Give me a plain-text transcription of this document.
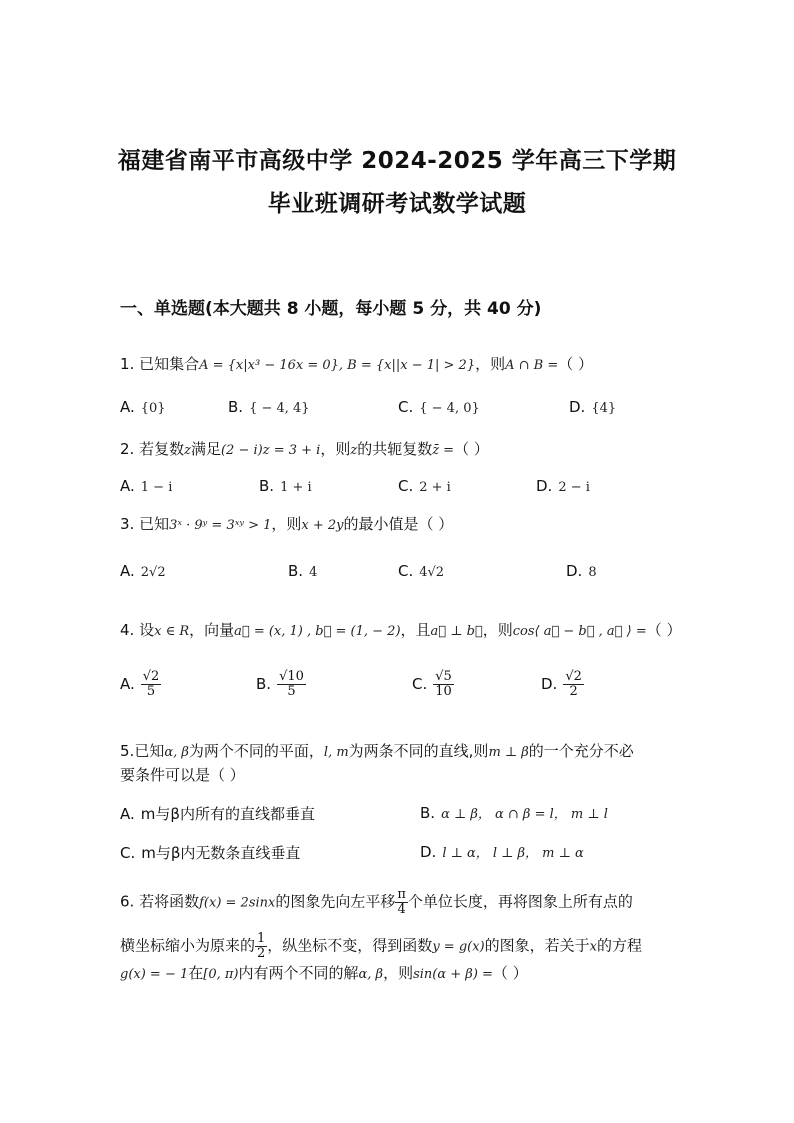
福建省南平市高级中学 2024-2025 学年高三下学期
毕业班调研考试数学试题
一、单选题(本大题共 8 小题，每小题 5 分，共 40 分)
1. 已知集合A = {x|x³ − 16x = 0}, B = {x||x − 1| > 2}，则A ∩ B =（ ）
A. {0}	B. { − 4, 4}	C. { − 4, 0}	D. {4}
2. 若复数z满足(2 − i)z = 3 + i，则z的共轭复数z̄ =（ ）
A. 1 − i	B. 1 + i	C. 2 + i	D. 2 − i
3. 已知3ˣ · 9ʸ = 3ˣʸ > 1，则x + 2y的最小值是（ ）
A. 2√2	B. 4	C. 4√2	D. 8
4. 设x ∈ R，向量a⃗ = (x, 1) , b⃗ = (1, − 2)，且a⃗ ⊥ b⃗，则cos⟨ a⃗ − b⃗ , a⃗ ⟩ =（ ）
A. $\frac{√2}{5}$	B. $\frac{√10}{5}$	C. $\frac{√5}{10}$	D. $\frac{√2}{2}$
5.已知α, β为两个不同的平面，l, m为两条不同的直线,则m ⊥ β的一个充分不必
要条件可以是（ ）
A. m与β内所有的直线都垂直	B. α ⊥ β， α ∩ β = l， m ⊥ l
C. m与β内无数条直线垂直	D. l ⊥ α， l ⊥ β， m ⊥ α
6. 若将函数f(x) = 2sinx的图象先向左平移 $\frac{\pi}{4}$ 个单位长度，再将图象上所有点的
横坐标缩小为原来的 $\frac{1}{2}$ ，纵坐标不变，得到函数y = g(x)的图象，若关于x的方程
g(x) = − 1在[0, π)内有两个不同的解α, β，则sin(α + β) =（ ）
